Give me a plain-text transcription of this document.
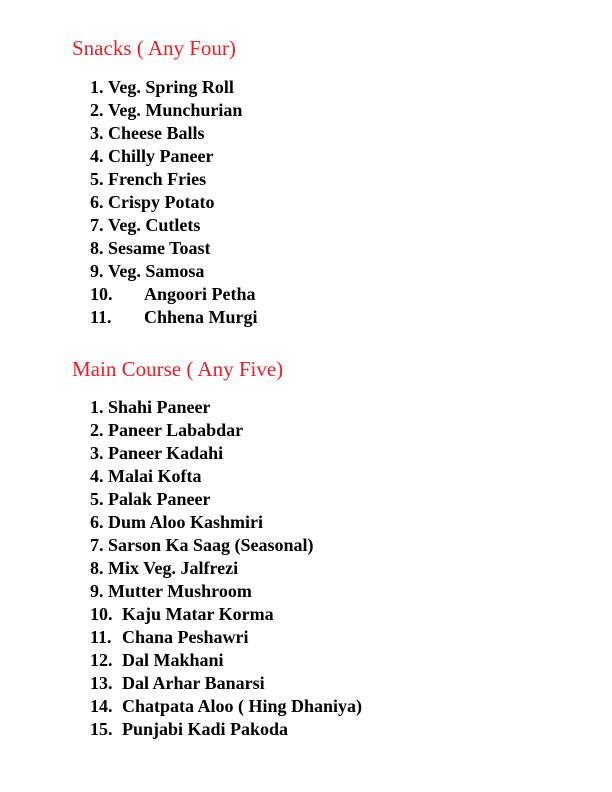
Snacks ( Any Four)
1. Veg. Spring Roll
2. Veg. Munchurian
3. Cheese Balls
4. Chilly Paneer
5. French Fries
6. Crispy Potato
7. Veg. Cutlets
8. Sesame Toast
9. Veg. Samosa
10. Angoori Petha
11. Chhena Murgi
Main Course ( Any Five)
1. Shahi Paneer
2. Paneer Lababdar
3. Paneer Kadahi
4. Malai Kofta
5. Palak Paneer
6. Dum Aloo Kashmiri
7. Sarson Ka Saag (Seasonal)
8. Mix Veg. Jalfrezi
9. Mutter Mushroom
10. Kaju Matar Korma
11. Chana Peshawri
12. Dal Makhani
13. Dal Arhar Banarsi
14. Chatpata Aloo ( Hing Dhaniya)
15. Punjabi Kadi Pakoda
